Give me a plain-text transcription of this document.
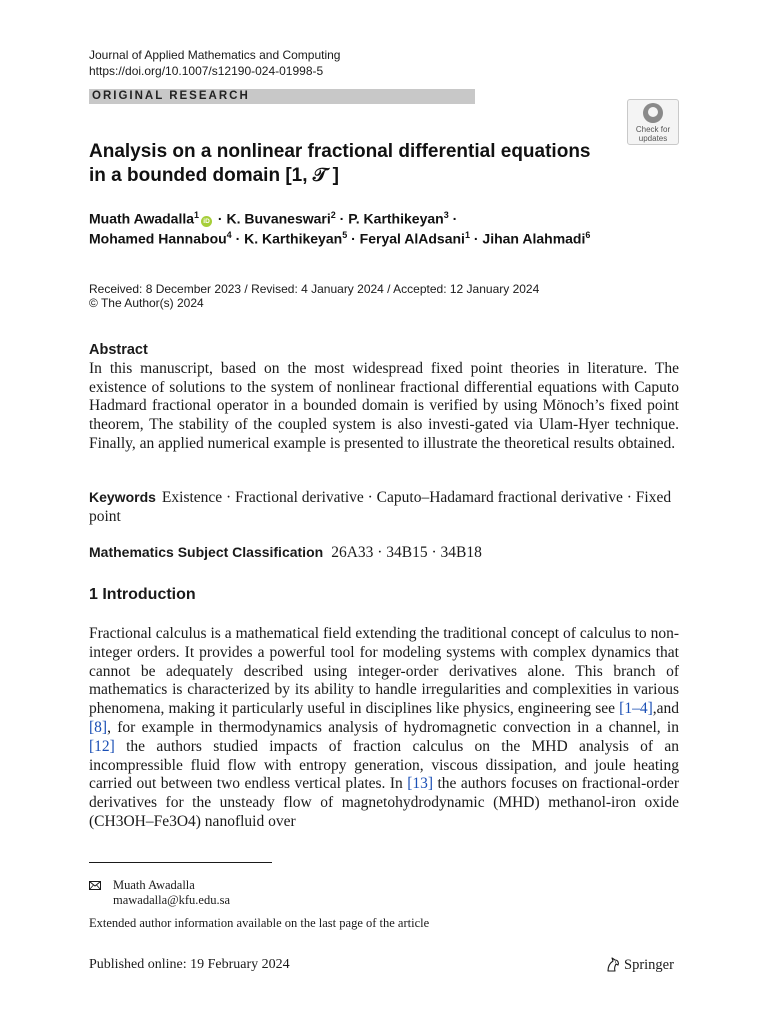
Journal of Applied Mathematics and Computing
https://doi.org/10.1007/s12190-024-01998-5
ORIGINAL RESEARCH
Check for
updates
Analysis on a nonlinear fractional differential equations
in a bounded domain [1, 𝒯 ]
Muath Awadalla$^1$iD · K. Buvaneswari$^2$ · P. Karthikeyan$^3$ ·
Mohamed Hannabou$^4$ · K. Karthikeyan$^5$ · Feryal AlAdsani$^1$ · Jihan Alahmadi$^6$
Received: 8 December 2023 / Revised: 4 January 2024 / Accepted: 12 January 2024
© The Author(s) 2024
Abstract
In this manuscript, based on the most widespread fixed point theories in literature. The existence of solutions to the system of nonlinear fractional differential equations with Caputo Hadmard fractional operator in a bounded domain is verified by using Mönoch’s fixed point theorem, The stability of the coupled system is also investi-gated via Ulam-Hyer technique. Finally, an applied numerical example is presented to illustrate the theoretical results obtained.
Keywords Existence · Fractional derivative · Caputo–Hadamard fractional derivative · Fixed point
Mathematics Subject Classification 26A33 · 34B15 · 34B18
1 Introduction
Fractional calculus is a mathematical field extending the traditional concept of calculus to non-integer orders. It provides a powerful tool for modeling systems with complex dynamics that cannot be adequately described using integer-order derivatives alone. This branch of mathematics is characterized by its ability to handle irregularities and complexities in various phenomena, making it particularly useful in disciplines like physics, engineering see [1–4],and [8], for example in thermodynamics analysis of hydromagnetic convection in a channel, in [12] the authors studied impacts of fraction calculus on the MHD analysis of an incompressible fluid flow with entropy generation, viscous dissipation, and joule heating carried out between two endless vertical plates. In [13] the authors focuses on fractional-order derivatives for the unsteady flow of magnetohydrodynamic (MHD) methanol-iron oxide (CH3OH–Fe3O4) nanofluid over
Muath Awadalla
mawadalla@kfu.edu.sa
Extended author information available on the last page of the article
Published online: 19 February 2024	Springer
